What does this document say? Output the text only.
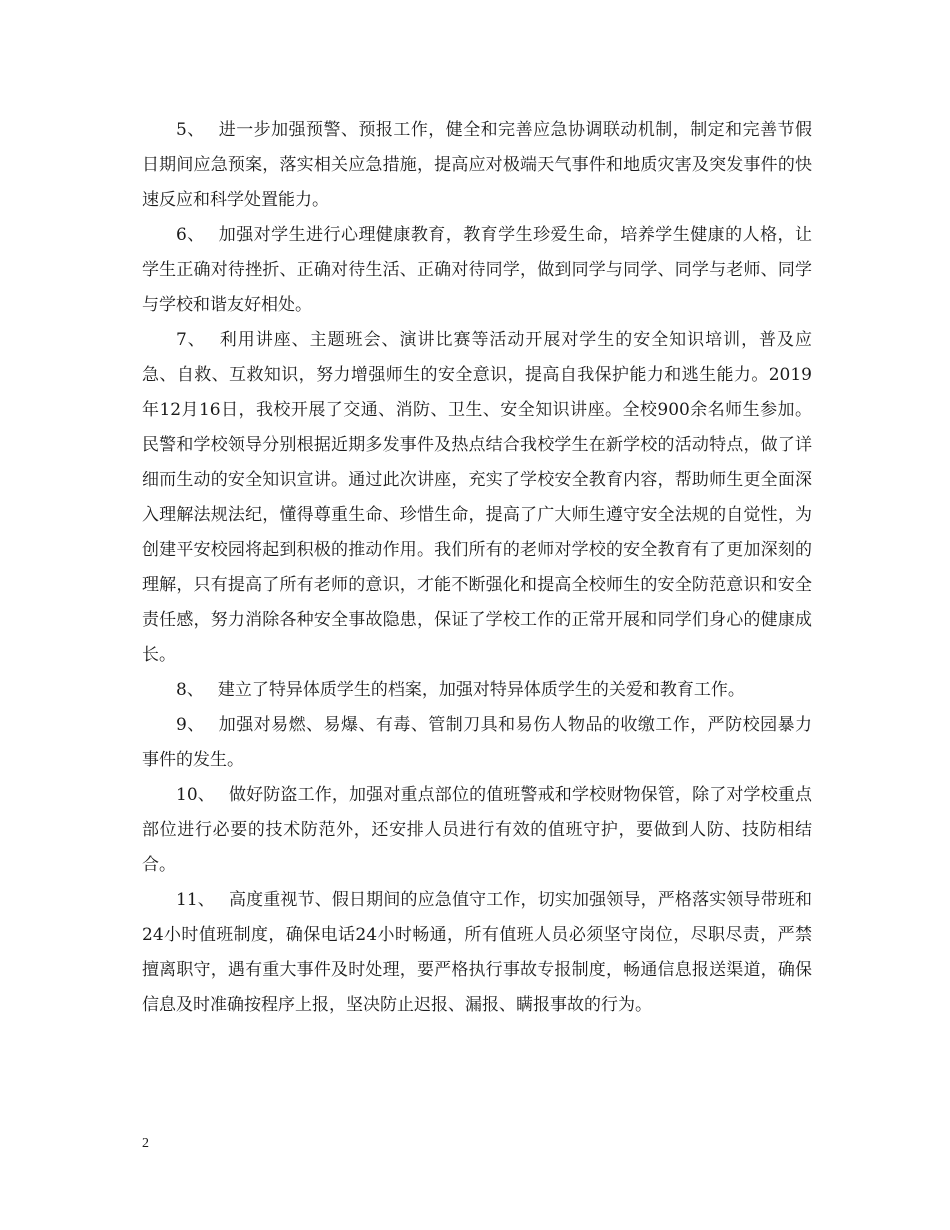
5、 进一步加强预警、预报工作，健全和完善应急协调联动机制，制定和完善节假日期间应急预案，落实相关应急措施，提高应对极端天气事件和地质灾害及突发事件的快速反应和科学处置能力。

6、 加强对学生进行心理健康教育，教育学生珍爱生命，培养学生健康的人格，让学生正确对待挫折、正确对待生活、正确对待同学，做到同学与同学、同学与老师、同学与学校和谐友好相处。

7、 利用讲座、主题班会、演讲比赛等活动开展对学生的安全知识培训，普及应急、自救、互救知识，努力增强师生的安全意识，提高自我保护能力和逃生能力。2019年12月16日，我校开展了交通、消防、卫生、安全知识讲座。全校900余名师生参加。民警和学校领导分别根据近期多发事件及热点结合我校学生在新学校的活动特点，做了详细而生动的安全知识宣讲。通过此次讲座，充实了学校安全教育内容，帮助师生更全面深入理解法规法纪，懂得尊重生命、珍惜生命，提高了广大师生遵守安全法规的自觉性，为创建平安校园将起到积极的推动作用。我们所有的老师对学校的安全教育有了更加深刻的理解，只有提高了所有老师的意识，才能不断强化和提高全校师生的安全防范意识和安全责任感，努力消除各种安全事故隐患，保证了学校工作的正常开展和同学们身心的健康成长。

8、 建立了特异体质学生的档案，加强对特异体质学生的关爱和教育工作。

9、 加强对易燃、易爆、有毒、管制刀具和易伤人物品的收缴工作，严防校园暴力事件的发生。

10、 做好防盗工作，加强对重点部位的值班警戒和学校财物保管，除了对学校重点部位进行必要的技术防范外，还安排人员进行有效的值班守护，要做到人防、技防相结合。

11、 高度重视节、假日期间的应急值守工作，切实加强领导，严格落实领导带班和24小时值班制度，确保电话24小时畅通，所有值班人员必须坚守岗位，尽职尽责，严禁擅离职守，遇有重大事件及时处理，要严格执行事故专报制度，畅通信息报送渠道，确保信息及时准确按程序上报，坚决防止迟报、漏报、瞒报事故的行为。

2
